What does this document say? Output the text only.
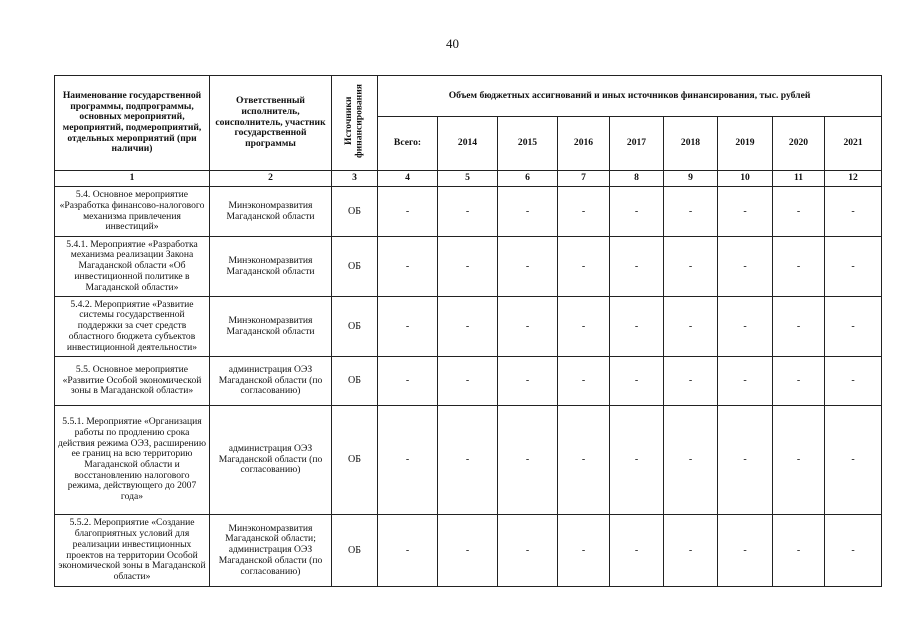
40
Наименование государственной программы, подпрограммы, основных мероприятий, мероприятий, подмероприятий, отдельных мероприятий (при наличии)	Ответственный исполнитель, соисполнитель, участник государственной программы	Источники финансирования	Объем бюджетных ассигнований и иных источников финансирования, тыс. рублей								
			Всего:	2014	2015	2016	2017	2018	2019	2020	2021
1	2	3	4	5	6	7	8	9	10	11	12
5.4. Основное мероприятие «Разработка финансово-налогового механизма привлечения инвестиций»	Минэкономразвития Магаданской области	ОБ	-	-	-	-	-	-	-	-	-
5.4.1. Мероприятие «Разработка механизма реализации Закона Магаданской области «Об инвестиционной политике в Магаданской области»	Минэкономразвития Магаданской области	ОБ	-	-	-	-	-	-	-	-	-
5.4.2. Мероприятие «Развитие системы государственной поддержки за счет средств областного бюджета субъектов инвестиционной деятельности»	Минэкономразвития Магаданской области	ОБ	-	-	-	-	-	-	-	-	-
5.5. Основное мероприятие «Развитие Особой экономической зоны в Магаданской области»	администрация ОЭЗ Магаданской области (по согласованию)	ОБ	-	-	-	-	-	-	-	-	-
5.5.1. Мероприятие «Организация работы по продлению срока действия режима ОЭЗ, расширению ее границ на всю территорию Магаданской области и восстановлению налогового режима, действующего до 2007 года»	администрация ОЭЗ Магаданской области (по согласованию)	ОБ	-	-	-	-	-	-	-	-	-
5.5.2. Мероприятие «Создание благоприятных условий для реализации инвестиционных проектов на территории Особой экономической зоны в Магаданской области»	Минэкономразвития Магаданской области; администрация ОЭЗ Магаданской области (по согласованию)	ОБ	-	-	-	-	-	-	-	-	-
